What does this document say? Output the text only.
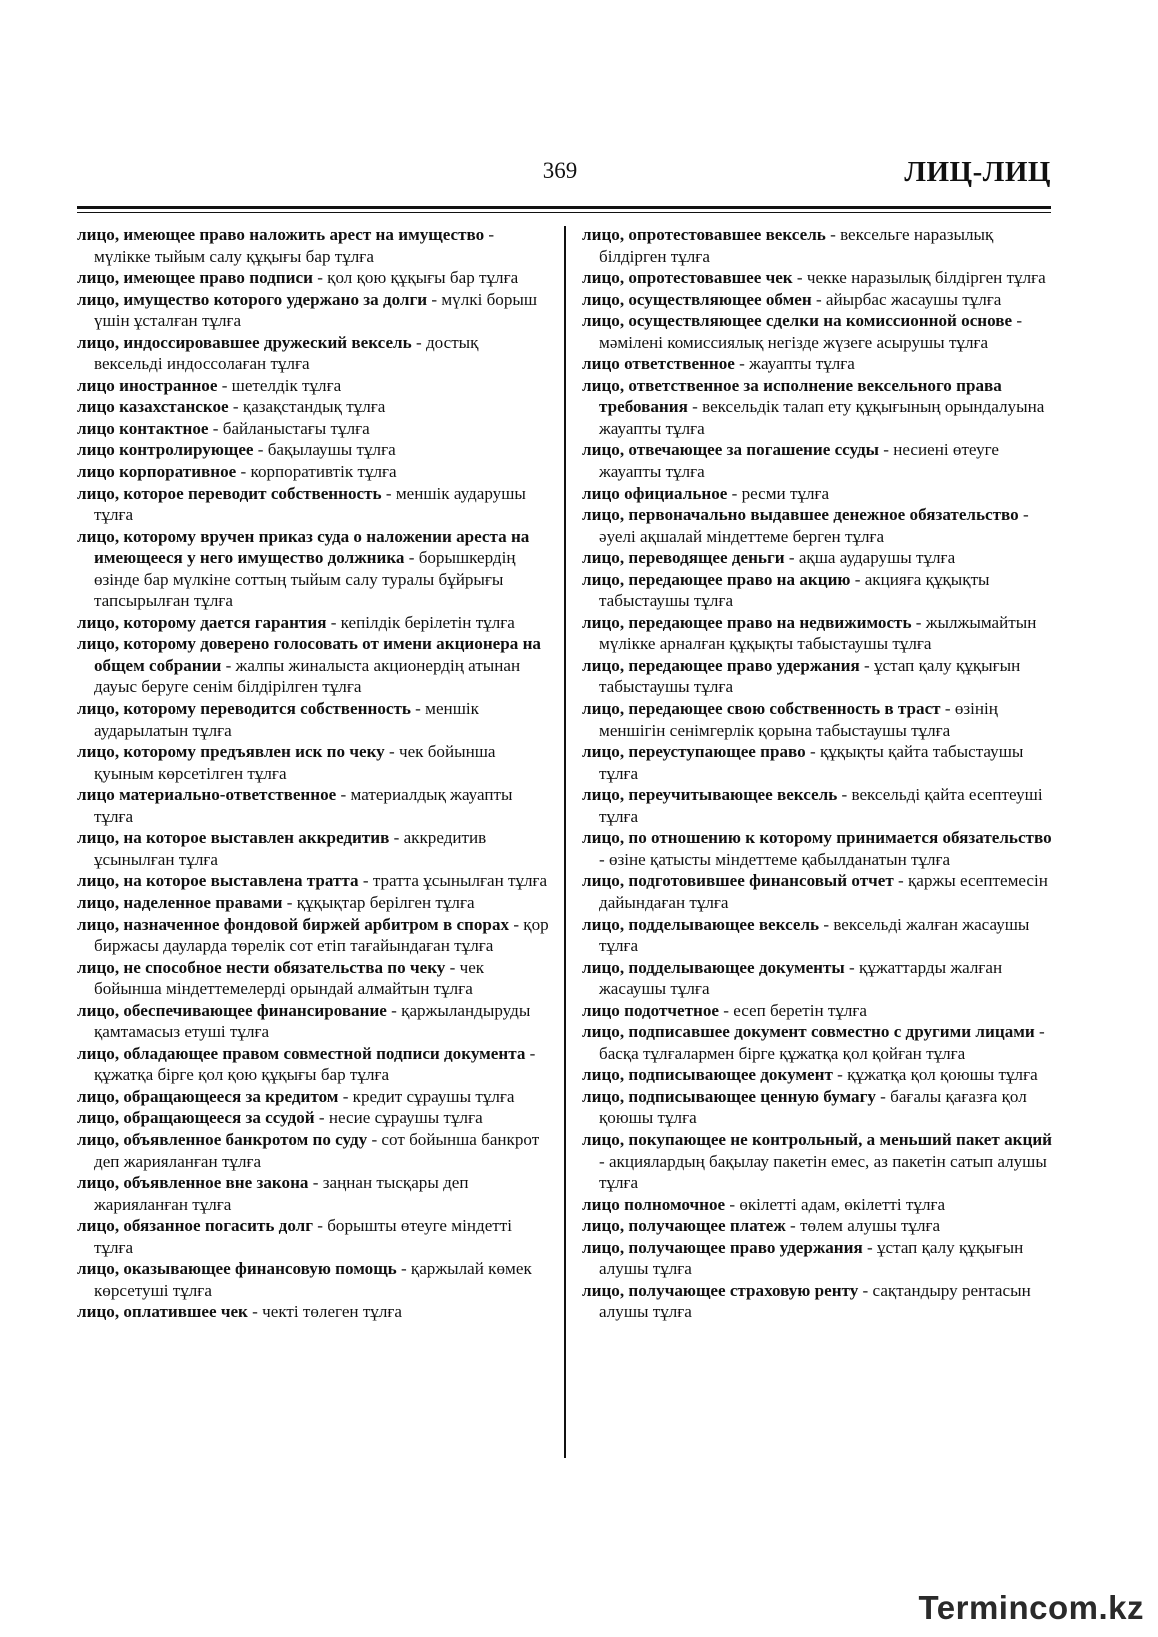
369	ЛИЦ-ЛИЦ

лицо, имеющее право наложить арест на имущество - мүлікке тыйым салу құқығы бар тұлға

лицо, имеющее право подписи - қол қою құқығы бар тұлға

лицо, имущество которого удержано за долги - мүлкі борыш үшін ұсталған тұлға

лицо, индоссировавшее дружеский вексель - достық вексельді индоссолаған тұлға

лицо иностранное - шетелдік тұлға

лицо казахстанское - қазақстандық тұлға

лицо контактное - байланыстағы тұлға

лицо контролирующее - бақылаушы тұлға

лицо корпоративное - корпоративтік тұлға

лицо, которое переводит собственность - меншік аударушы тұлға

лицо, которому вручен приказ суда о наложении ареста на имеющееся у него имущество должника - борышкердің өзінде бар мүлкіне соттың тыйым салу туралы бұйрығы тапсырылған тұлға

лицо, которому дается гарантия - кепілдік берілетін тұлға

лицо, которому доверено голосовать от имени акционера на общем собрании - жалпы жиналыста акционердің атынан дауыс беруге сенім білдірілген тұлға

лицо, которому переводится собственность - меншік аударылатын тұлға

лицо, которому предъявлен иск по чеку - чек бойынша қуыным көрсетілген тұлға

лицо материально-ответственное - материалдық жауапты тұлға

лицо, на которое выставлен аккредитив - аккредитив ұсынылған тұлға

лицо, на которое выставлена тратта - тратта ұсынылған тұлға

лицо, наделенное правами - құқықтар берілген тұлға

лицо, назначенное фондовой биржей арбитром в спорах - қор биржасы дауларда төрелік сот етіп тағайындаған тұлға

лицо, не способное нести обязательства по чеку - чек бойынша міндеттемелерді орындай алмайтын тұлға

лицо, обеспечивающее финансирование - қаржыландыруды қамтамасыз етуші тұлға

лицо, обладающее правом совместной подписи документа - құжатқа бірге қол қою құқығы бар тұлға

лицо, обращающееся за кредитом - кредит сұраушы тұлға

лицо, обращающееся за ссудой - несие сұраушы тұлға

лицо, объявленное банкротом по суду - сот бойынша банкрот деп жарияланған тұлға

лицо, объявленное вне закона - заңнан тысқары деп жарияланған тұлға

лицо, обязанное погасить долг - борышты өтеуге міндетті тұлға

лицо, оказывающее финансовую помощь - қаржылай көмек көрсетуші тұлға

лицо, оплатившее чек - чекті төлеген тұлға

лицо, опротестовавшее вексель - вексельге наразылық білдірген тұлға

лицо, опротестовавшее чек - чекке наразылық білдірген тұлға

лицо, осуществляющее обмен - айырбас жасаушы тұлға

лицо, осуществляющее сделки на комиссионной основе - мәмілені комиссиялық негізде жүзеге асырушы тұлға

лицо ответственное - жауапты тұлға

лицо, ответственное за исполнение вексельного права требования - вексельдік талап ету құқығының орындалуына жауапты тұлға

лицо, отвечающее за погашение ссуды - несиені өтеуге жауапты тұлға

лицо официальное - ресми тұлға

лицо, первоначально выдавшее денежное обязательство - әуелі ақшалай міндеттеме берген тұлға

лицо, переводящее деньги - ақша аударушы тұлға

лицо, передающее право на акцию - акцияға құқықты табыстаушы тұлға

лицо, передающее право на недвижимость - жылжымайтын мүлікке арналған құқықты табыстаушы тұлға

лицо, передающее право удержания - ұстап қалу құқығын табыстаушы тұлға

лицо, передающее свою собственность в траст - өзінің меншігін сенімгерлік қорына табыстаушы тұлға

лицо, переуступающее право - құқықты қайта табыстаушы тұлға

лицо, переучитывающее вексель - вексельді қайта есептеуші тұлға

лицо, по отношению к которому принимается обязательство - өзіне қатысты міндеттеме қабылданатын тұлға

лицо, подготовившее финансовый отчет - қаржы есептемесін дайындаған тұлға

лицо, подделывающее вексель - вексельді жалған жасаушы тұлға

лицо, подделывающее документы - құжаттарды жалған жасаушы тұлға

лицо подотчетное - есеп беретін тұлға

лицо, подписавшее документ совместно с другими лицами - басқа тұлғалармен бірге құжатқа қол қойған тұлға

лицо, подписывающее документ - құжатқа қол қоюшы тұлға

лицо, подписывающее ценную бумагу - бағалы қағазға қол қоюшы тұлға

лицо, покупающее не контрольный, а меньший пакет акций - акциялардың бақылау пакетін емес, аз пакетін сатып алушы тұлға

лицо полномочное - өкілетті адам, өкілетті тұлға

лицо, получающее платеж - төлем алушы тұлға

лицо, получающее право удержания - ұстап қалу құқығын алушы тұлға

лицо, получающее страховую ренту - сақтандыру рентасын алушы тұлға

Termincom.kz
